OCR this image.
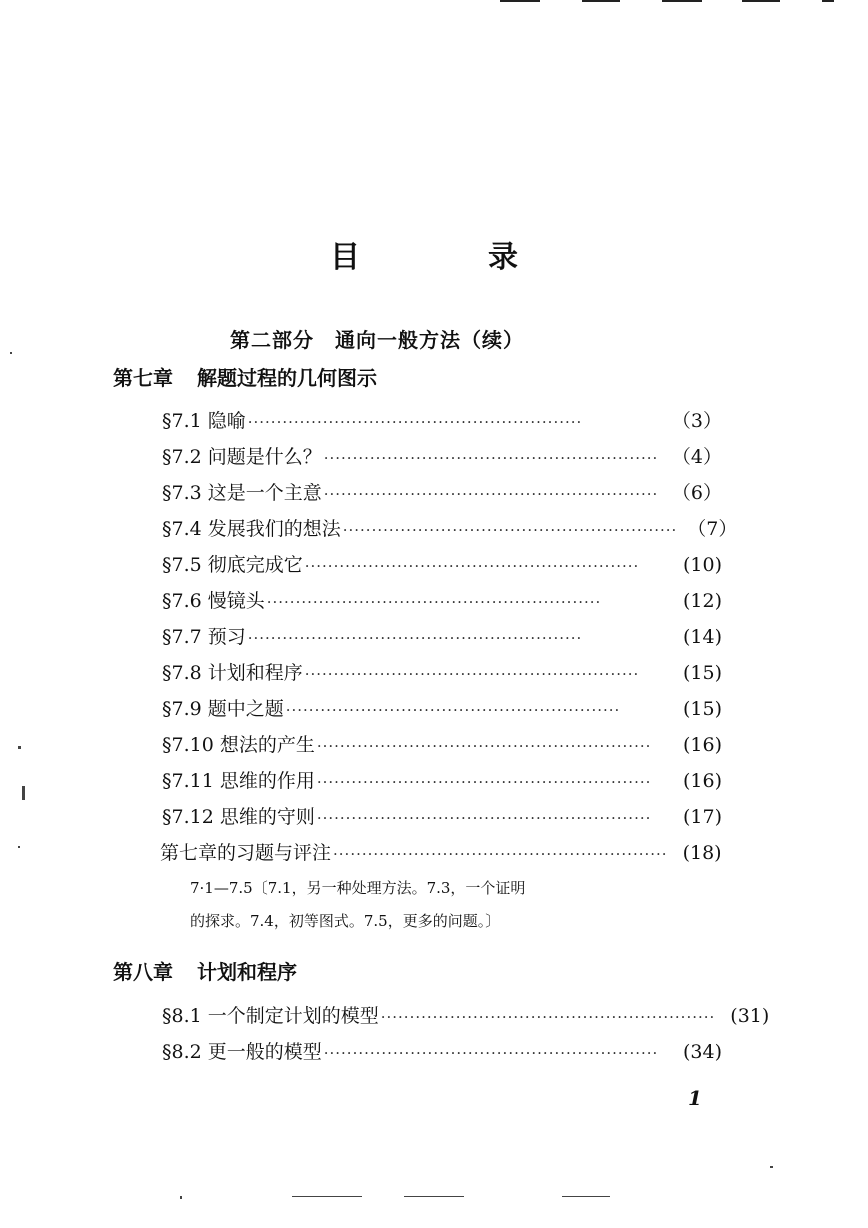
目	录
第二部分　通向一般方法（续）
第七章 解题过程的几何图示
§7.1 隐喻 ··························································	（3）
§7.2 问题是什么？ ·························································· （4）
§7.3 这是一个主意 ·························································· （6）
§7.4 发展我们的想法 ·························································· （7）
§7.5 彻底完成它 ··························································	(10)
§7.6 慢镜头 ··························································	(12)
§7.7 预习 ··························································	(14)
§7.8 计划和程序 ··························································	(15)
§7.9 题中之题 ··························································	(15)
§7.10 想法的产生 ··························································	(16)
§7.11 思维的作用 ··························································	(16)
§7.12 思维的守则 ··························································	(17)
第七章的习题与评注 ·························································· (18)
7·1—7.5〔7.1，另一种处理方法。7.3，一个证明
的探求。7.4，初等图式。7.5，更多的问题。〕
第八章 计划和程序
§8.1 一个制定计划的模型 ·························································· (31)
§8.2 更一般的模型 ··························································	(34)
1
